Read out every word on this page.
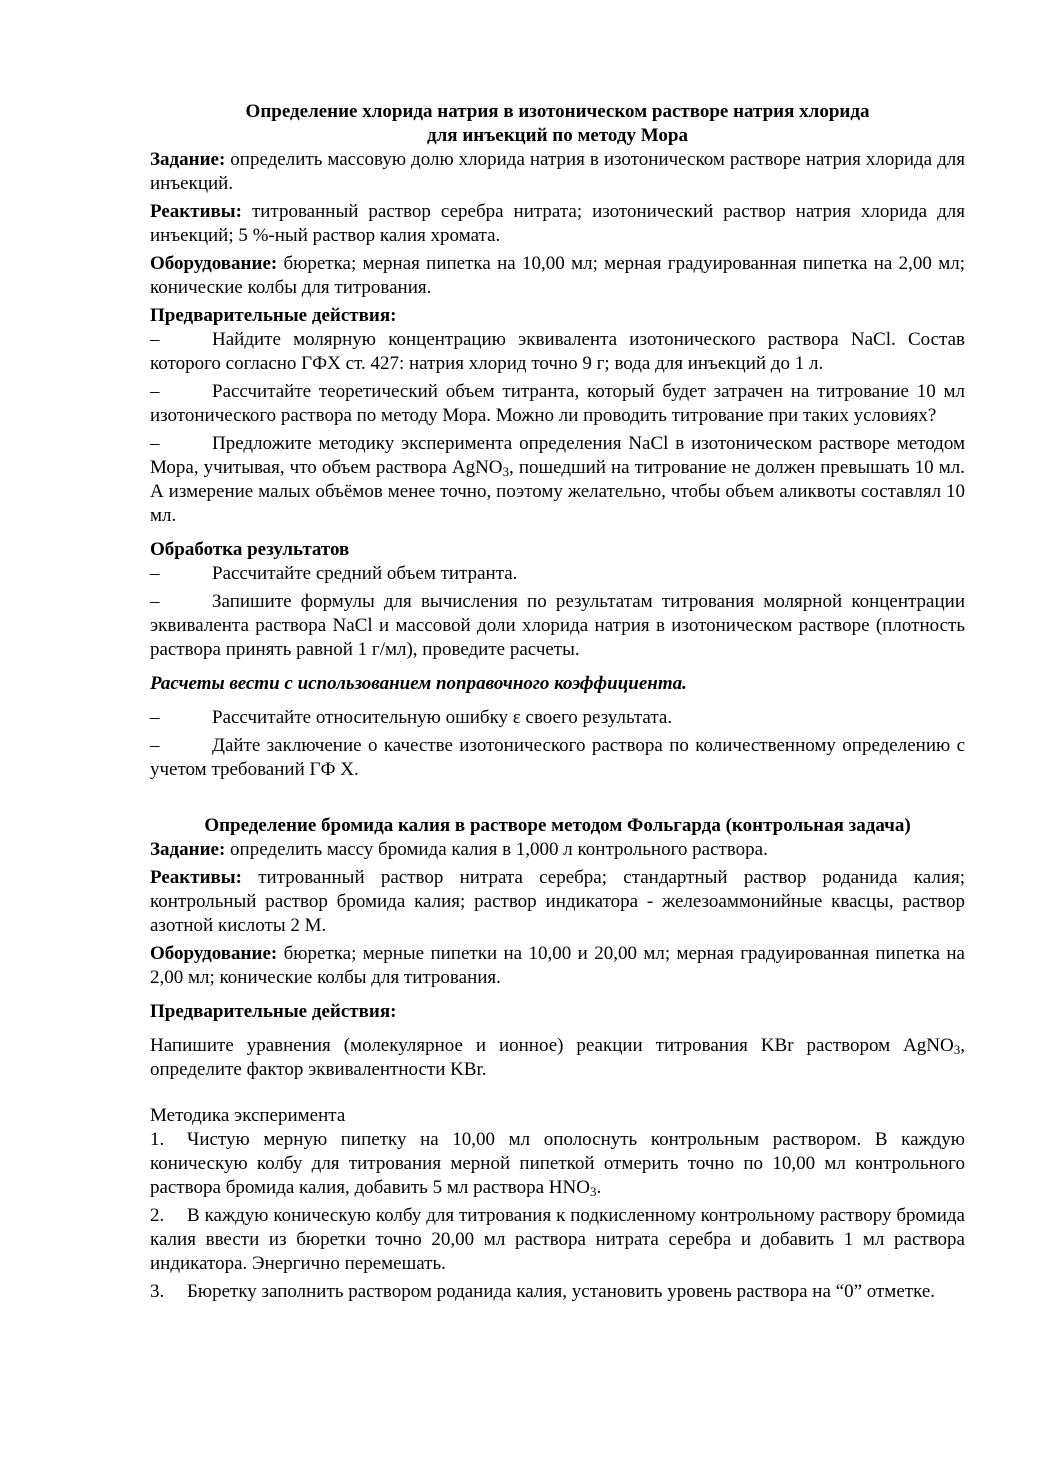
Определение хлорида натрия в изотоническом растворе натрия хлорида

для инъекций по методу Мора

Задание: определить массовую долю хлорида натрия в изотоническом растворе натрия хлорида для инъекций.

Реактивы: титрованный раствор серебра нитрата; изотонический раствор натрия хлорида для инъекций; 5 %-ный раствор калия хромата.

Оборудование: бюретка; мерная пипетка на 10,00 мл; мерная градуированная пипетка на 2,00 мл; конические колбы для титрования.

Предварительные действия:

–	Найдите молярную концентрацию эквивалента изотонического раствора NaCl. Состав которого согласно ГФХ ст. 427: натрия хлорид точно 9 г; вода для инъекций до 1 л.

–	Рассчитайте теоретический объем титранта, который будет затрачен на титрование 10 мл изотонического раствора по методу Мора. Можно ли проводить титрование при таких условиях?

–	Предложите методику эксперимента определения NaCl в изотоническом растворе методом Мора, учитывая, что объем раствора AgNO$_3$, пошедший на титрование не должен превышать 10 мл. А измерение малых объёмов менее точно, поэтому желательно, чтобы объем аликвоты составлял 10 мл.

Обработка результатов

–	Рассчитайте средний объем титранта.

–	Запишите формулы для вычисления по результатам титрования молярной концентрации эквивалента раствора NaCl и массовой доли хлорида натрия в изотоническом растворе (плотность раствора принять равной 1 г/мл), проведите расчеты.

Расчеты вести с использованием поправочного коэффициента.

–	Рассчитайте относительную ошибку ε своего результата.

–	Дайте заключение о качестве изотонического раствора по количественному определению с учетом требований ГФ Х.

Определение бромида калия в растворе методом Фольгарда (контрольная задача)

Задание: определить массу бромида калия в 1,000 л контрольного раствора.

Реактивы: титрованный раствор нитрата серебра; стандартный раствор роданида калия; контрольный раствор бромида калия; раствор индикатора - железоаммонийные квасцы, раствор азотной кислоты 2 М.

Оборудование: бюретка; мерные пипетки на 10,00 и 20,00 мл; мерная градуированная пипетка на 2,00 мл; конические колбы для титрования.

Предварительные действия:

Напишите уравнения (молекулярное и ионное) реакции титрования KBr раствором AgNO$_3$, определите фактор эквивалентности KBr.

Методика эксперимента

1. Чистую мерную пипетку на 10,00 мл ополоснуть контрольным раствором. В каждую коническую колбу для титрования мерной пипеткой отмерить точно по 10,00 мл контрольного раствора бромида калия, добавить 5 мл раствора $HNO_3$.

2. В каждую коническую колбу для титрования к подкисленному контрольному раствору бромида калия ввести из бюретки точно 20,00 мл раствора нитрата серебра и добавить 1 мл раствора индикатора. Энергично перемешать.

3. Бюретку заполнить раствором роданида калия, установить уровень раствора на “0” отметке.
